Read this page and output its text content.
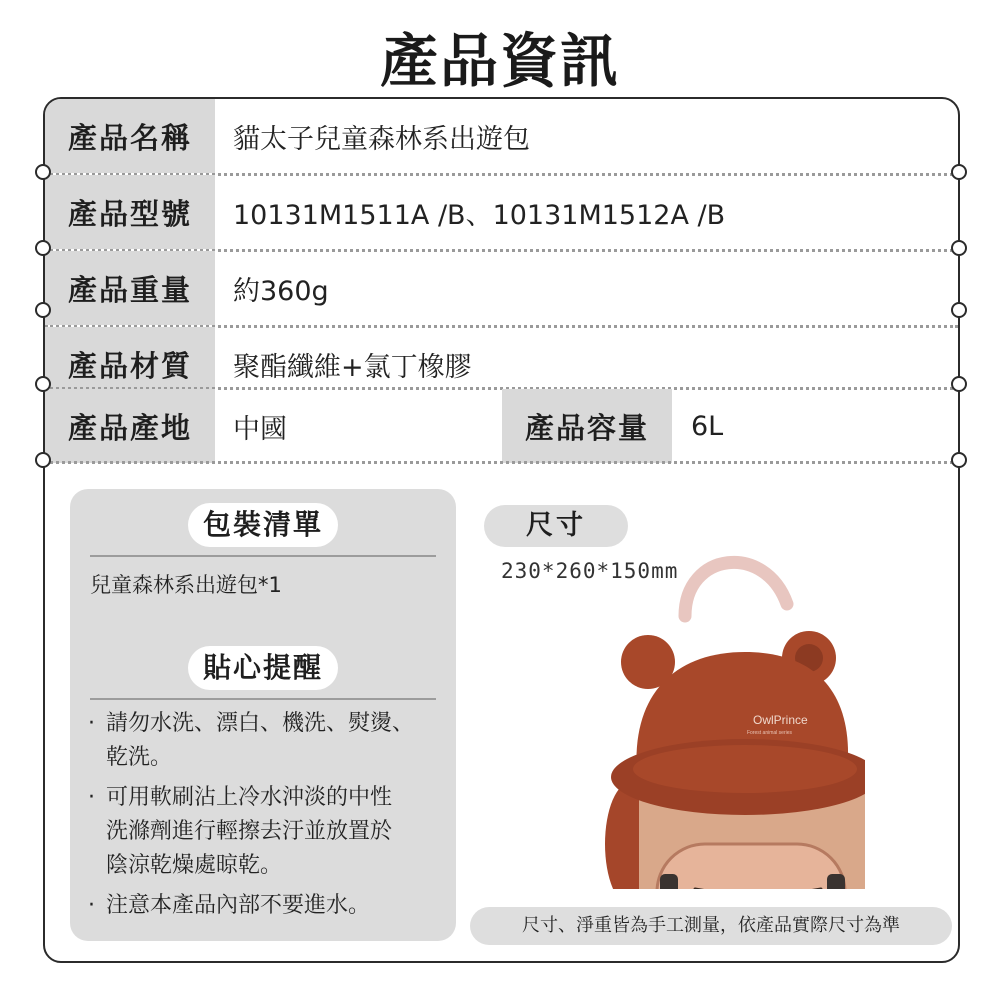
產品資訊
產品名稱	貓太子兒童森林系出遊包
產品型號	10131M1511A /B、10131M1512A /B
產品重量	約360g
產品材質	聚酯纖維+氯丁橡膠
產品產地	中國	產品容量	6L
包裝清單
兒童森林系出遊包*1
貼心提醒
· 請勿水洗、漂白、機洗、熨燙、
乾洗。
· 可用軟刷沾上冷水沖淡的中性
洗滌劑進行輕擦去汙並放置於
陰涼乾燥處晾乾。
· 注意本產品內部不要進水。
尺寸
230*260*150mm
OwlPrince
Forest animal series
尺寸、淨重皆為手工測量，依產品實際尺寸為準
